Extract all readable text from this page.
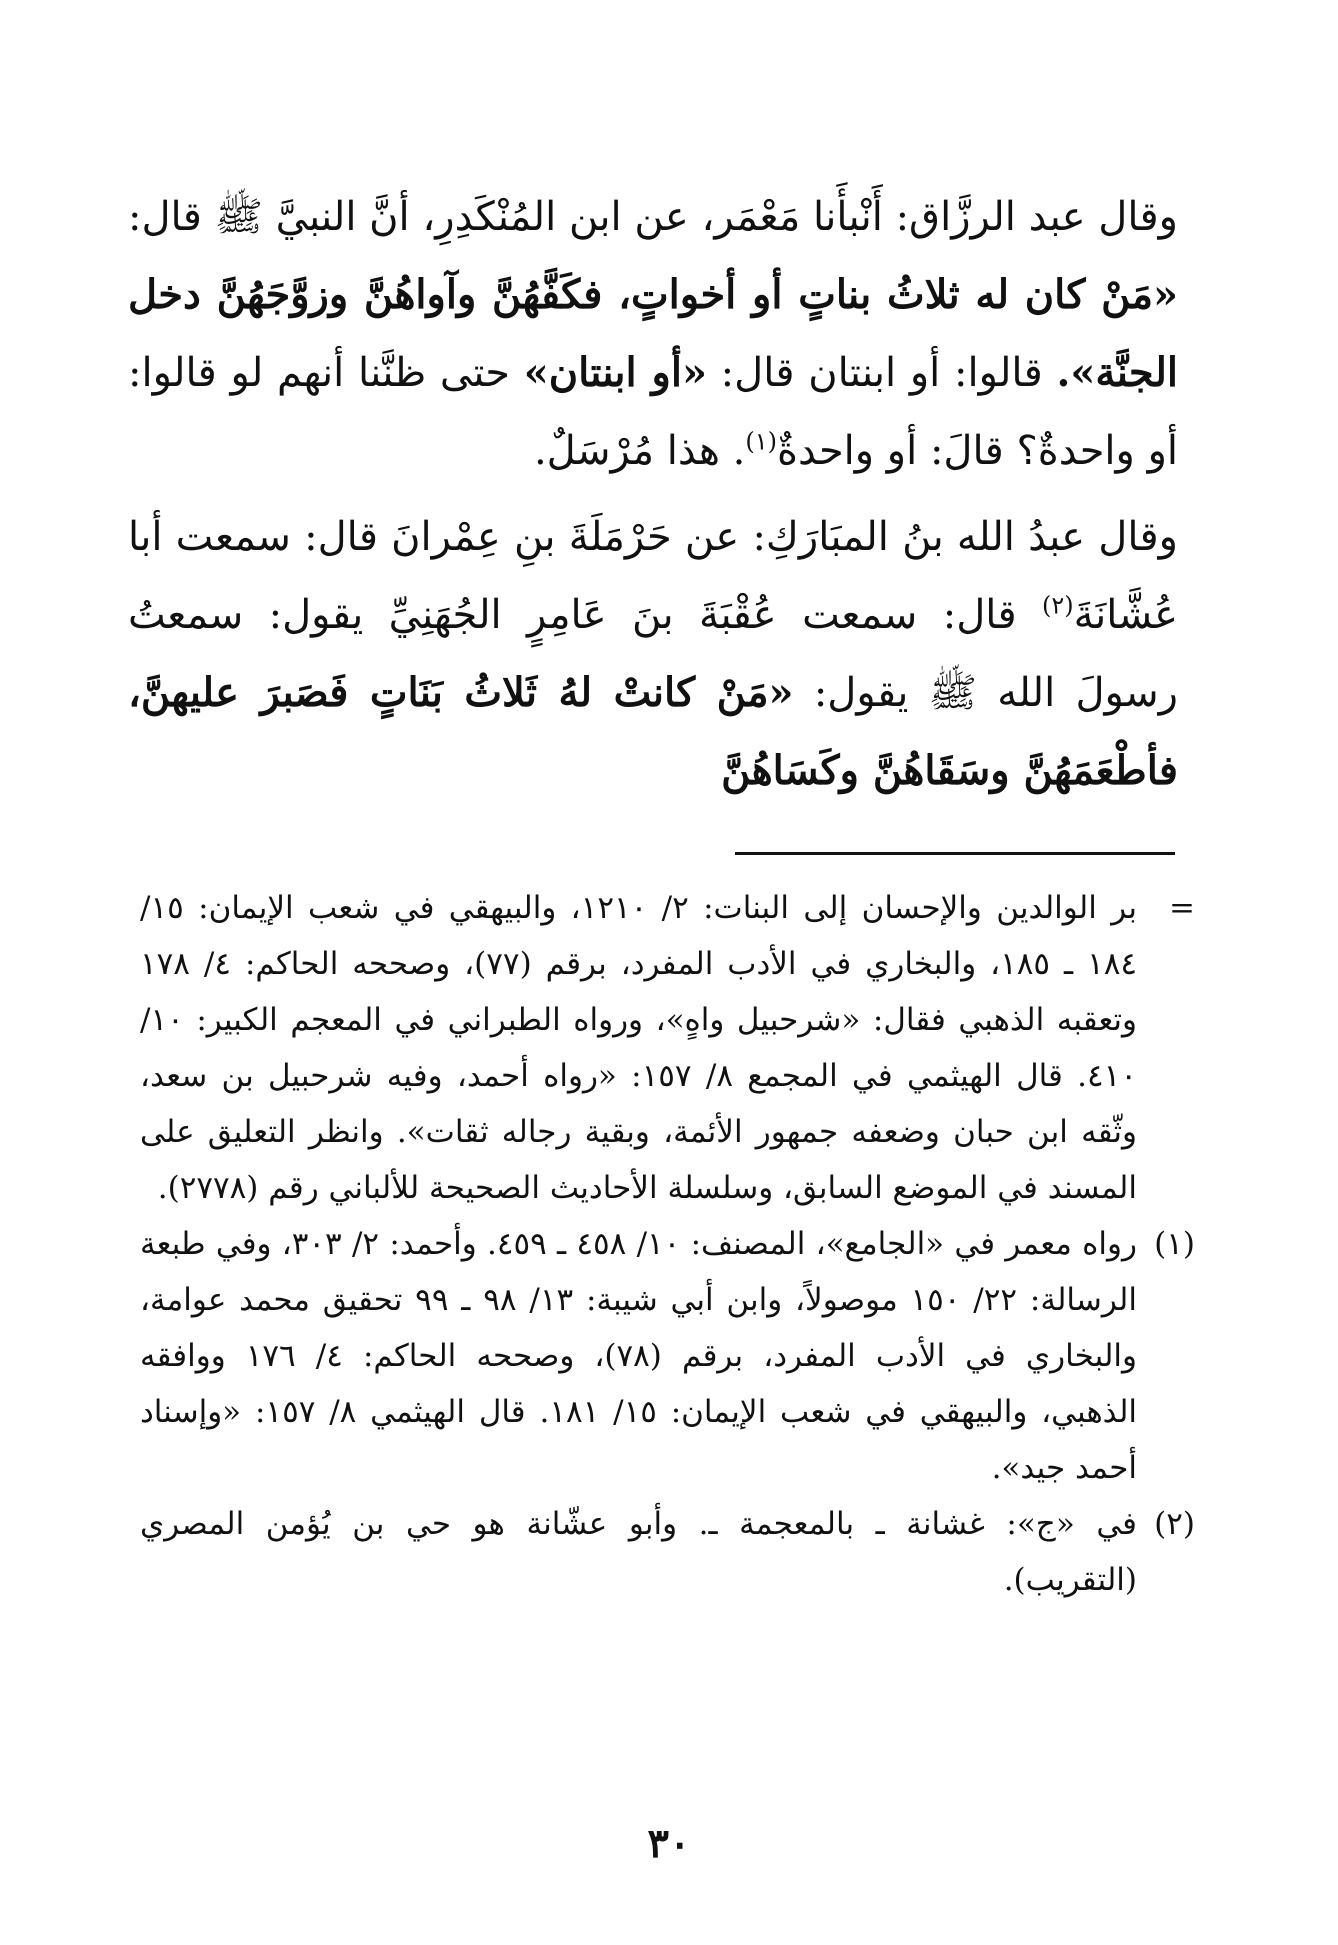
وقال عبد الرزَّاق: أَنْبأَنا مَعْمَر، عن ابن المُنْكَدِرِ، أنَّ النبيَّ ﷺ قال: «مَنْ كان له ثلاثُ بناتٍ أو أخواتٍ، فكَفَّهُنَّ وآواهُنَّ وزوَّجَهُنَّ دخل الجنَّة». قالوا: أو ابنتان قال: «أو ابنتان» حتى ظنَّنا أنهم لو قالوا: أو واحدةٌ؟ قالَ: أو واحدةٌ$^{(١)}$. هذا مُرْسَلٌ.

وقال عبدُ الله بنُ المبَارَكِ: عن حَرْمَلَةَ بنِ عِمْرانَ قال: سمعت أبا عُشَّانَةَ$^{(٢)}$ قال: سمعت عُقْبَةَ بنَ عَامِرٍ الجُهَنِيِّ يقول: سمعتُ رسولَ الله ﷺ يقول: «مَنْ كانتْ لهُ ثَلاثُ بَنَاتٍ فَصَبرَ عليهنَّ، فأطْعَمَهُنَّ وسَقَاهُنَّ وكَسَاهُنَّ

=
بر الوالدين والإحسان إلى البنات: ٢/ ١٢١٠، والبيهقي في شعب الإيمان: ١٥/ ١٨٤ ـ ١٨٥، والبخاري في الأدب المفرد، برقم (٧٧)، وصححه الحاكم: ٤/ ١٧٨ وتعقبه الذهبي فقال: «شرحبيل واهٍ»، ورواه الطبراني في المعجم الكبير: ١٠/ ٤١٠. قال الهيثمي في المجمع ٨/ ١٥٧: «رواه أحمد، وفيه شرحبيل بن سعد، وثّقه ابن حبان وضعفه جمهور الأئمة، وبقية رجاله ثقات». وانظر التعليق على المسند في الموضع السابق، وسلسلة الأحاديث الصحيحة للألباني رقم (٢٧٧٨).
(١)
رواه معمر في «الجامع»، المصنف: ١٠/ ٤٥٨ ـ ٤٥٩. وأحمد: ٢/ ٣٠٣، وفي طبعة الرسالة: ٢٢/ ١٥٠ موصولاً، وابن أبي شيبة: ١٣/ ٩٨ ـ ٩٩ تحقيق محمد عوامة، والبخاري في الأدب المفرد، برقم (٧٨)، وصححه الحاكم: ٤/ ١٧٦ ووافقه الذهبي، والبيهقي في شعب الإيمان: ١٥/ ١٨١. قال الهيثمي ٨/ ١٥٧: «وإسناد أحمد جيد».
(٢)
في «ج»: غشانة ـ بالمعجمة ـ. وأبو عشّانة هو حي بن يُؤمن المصري (التقريب).
٣٠
